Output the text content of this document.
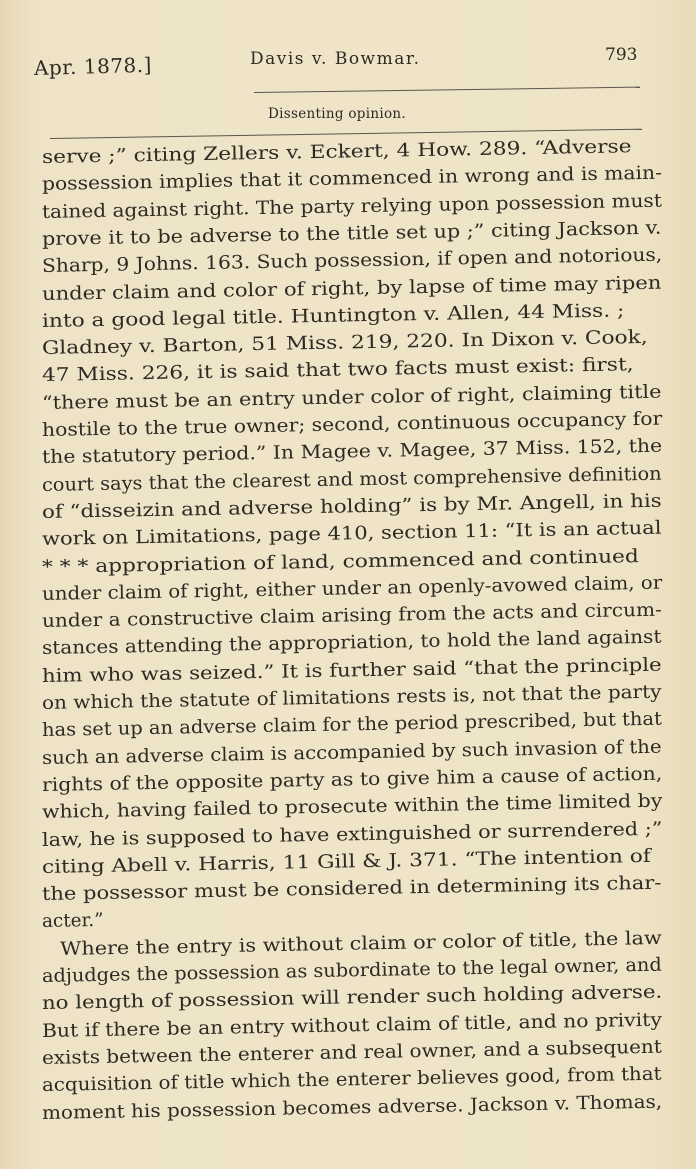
Apr. 1878.]	Davis v. Bowmar.	793
Dissenting opinion.
serve ;” citing Zellers v. Eckert, 4 How. 289. “Adverse
possession implies that it commenced in wrong and is main-
tained against right. The party relying upon possession must
prove it to be adverse to the title set up ;” citing Jackson v.
Sharp, 9 Johns. 163. Such possession, if open and notorious,
under claim and color of right, by lapse of time may ripen
into a good legal title. Huntington v. Allen, 44 Miss. ;
Gladney v. Barton, 51 Miss. 219, 220. In Dixon v. Cook,
47 Miss. 226, it is said that two facts must exist: first,
“there must be an entry under color of right, claiming title
hostile to the true owner; second, continuous occupancy for
the statutory period.” In Magee v. Magee, 37 Miss. 152, the
court says that the clearest and most comprehensive definition
of “disseizin and adverse holding” is by Mr. Angell, in his
work on Limitations, page 410, section 11: “It is an actual
* * * appropriation of land, commenced and continued
under claim of right, either under an openly-avowed claim, or
under a constructive claim arising from the acts and circum-
stances attending the appropriation, to hold the land against
him who was seized.” It is further said “that the principle
on which the statute of limitations rests is, not that the party
has set up an adverse claim for the period prescribed, but that
such an adverse claim is accompanied by such invasion of the
rights of the opposite party as to give him a cause of action,
which, having failed to prosecute within the time limited by
law, he is supposed to have extinguished or surrendered ;”
citing Abell v. Harris, 11 Gill & J. 371. “The intention of
the possessor must be considered in determining its char-
acter.”
Where the entry is without claim or color of title, the law
adjudges the possession as subordinate to the legal owner, and
no length of possession will render such holding adverse.
But if there be an entry without claim of title, and no privity
exists between the enterer and real owner, and a subsequent
acquisition of title which the enterer believes good, from that
moment his possession becomes adverse. Jackson v. Thomas,
